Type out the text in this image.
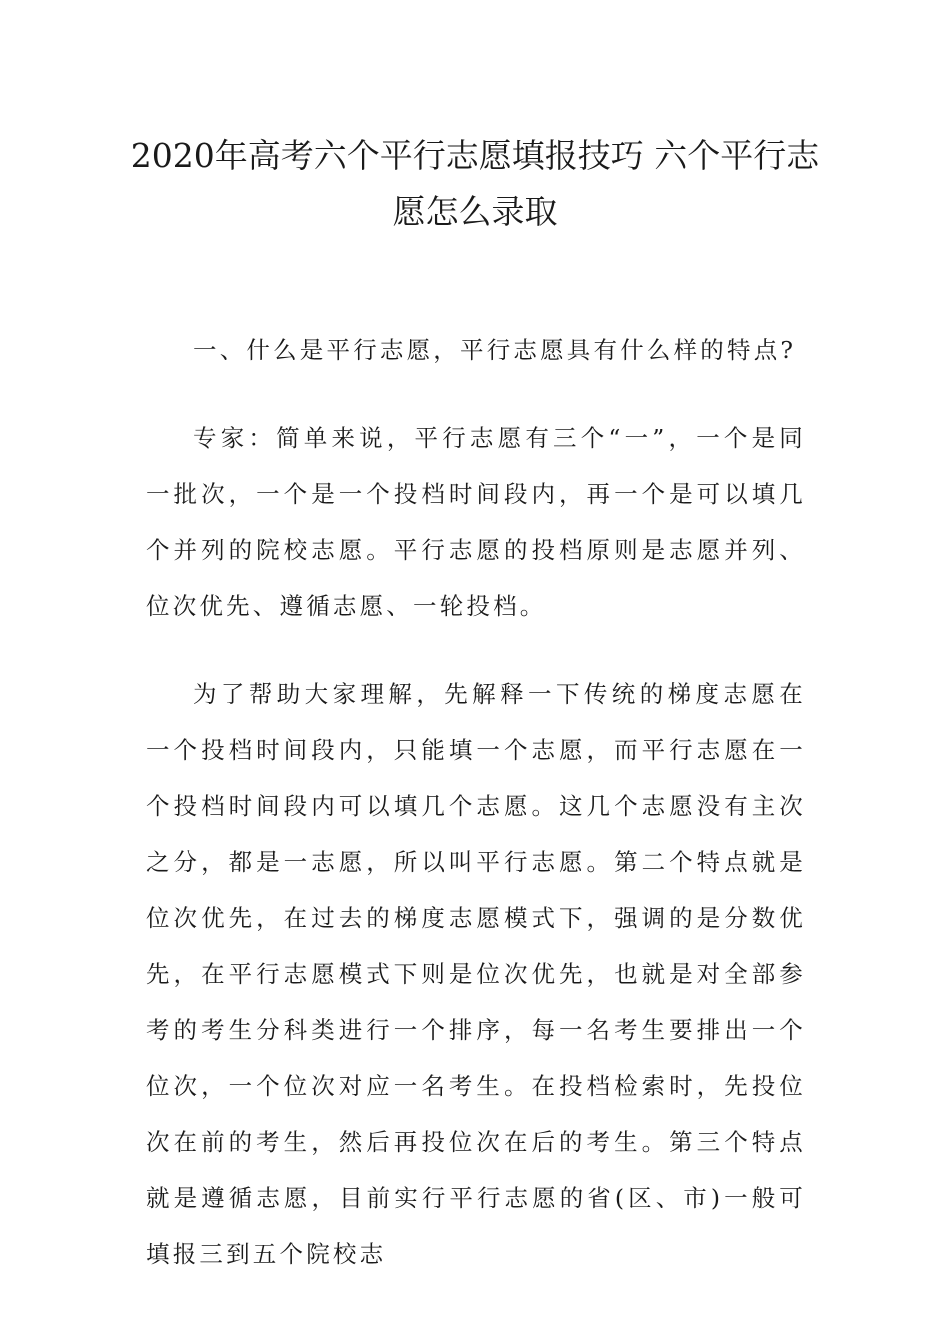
2020年高考六个平行志愿填报技巧 六个平行志愿怎么录取

一、什么是平行志愿，平行志愿具有什么样的特点?

专家：简单来说，平行志愿有三个“一”，一个是同一批次，一个是一个投档时间段内，再一个是可以填几个并列的院校志愿。平行志愿的投档原则是志愿并列、位次优先、遵循志愿、一轮投档。

为了帮助大家理解，先解释一下传统的梯度志愿在一个投档时间段内，只能填一个志愿，而平行志愿在一个投档时间段内可以填几个志愿。这几个志愿没有主次之分，都是一志愿，所以叫平行志愿。第二个特点就是位次优先，在过去的梯度志愿模式下，强调的是分数优先，在平行志愿模式下则是位次优先，也就是对全部参考的考生分科类进行一个排序，每一名考生要排出一个位次，一个位次对应一名考生。在投档检索时，先投位次在前的考生，然后再投位次在后的考生。第三个特点就是遵循志愿，目前实行平行志愿的省(区、市)一般可填报三到五个院校志
